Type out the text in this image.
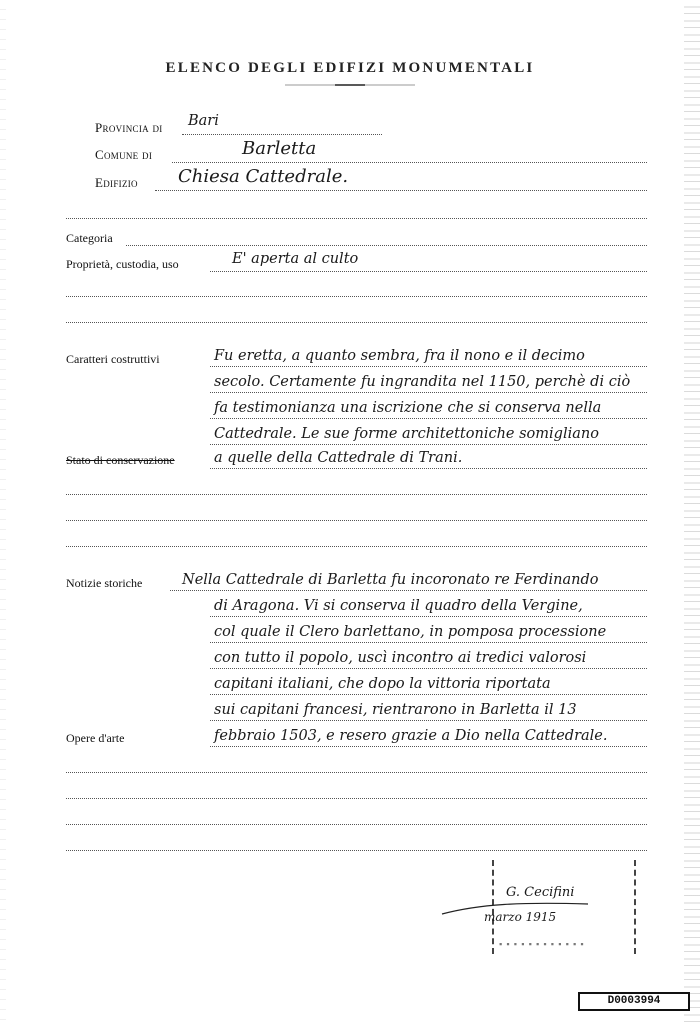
ELENCO DEGLI EDIFIZI MONUMENTALI
Provincia di Bari
Comune di	Barletta
Edifizio Chiesa Cattedrale.
Categoria
Proprietà, custodia, uso	E' aperta al culto
Caratteri costruttivi	Fu eretta, a quanto sembra, fra il nono e il decimo
secolo. Certamente fu ingrandita nel 1150, perchè di ciò
fa testimonianza una iscrizione che si conserva nella
Cattedrale. Le sue forme architettoniche somigliano
Stato di conservazione	a quelle della Cattedrale di Trani.
Notizie storiche	Nella Cattedrale di Barletta fu incoronato re Ferdinando
di Aragona. Vi si conserva il quadro della Vergine,
col quale il Clero barlettano, in pomposa processione
con tutto il popolo, uscì incontro ai tredici valorosi
capitani italiani, che dopo la vittoria riportata
sui capitani francesi, rientrarono in Barletta il 13
Opere d'arte	febbraio 1503, e resero grazie a Dio nella Cattedrale.
G. Cecifini
marzo 1915
▪▪▪▪▪▪▪▪▪▪▪▪
D0003994
